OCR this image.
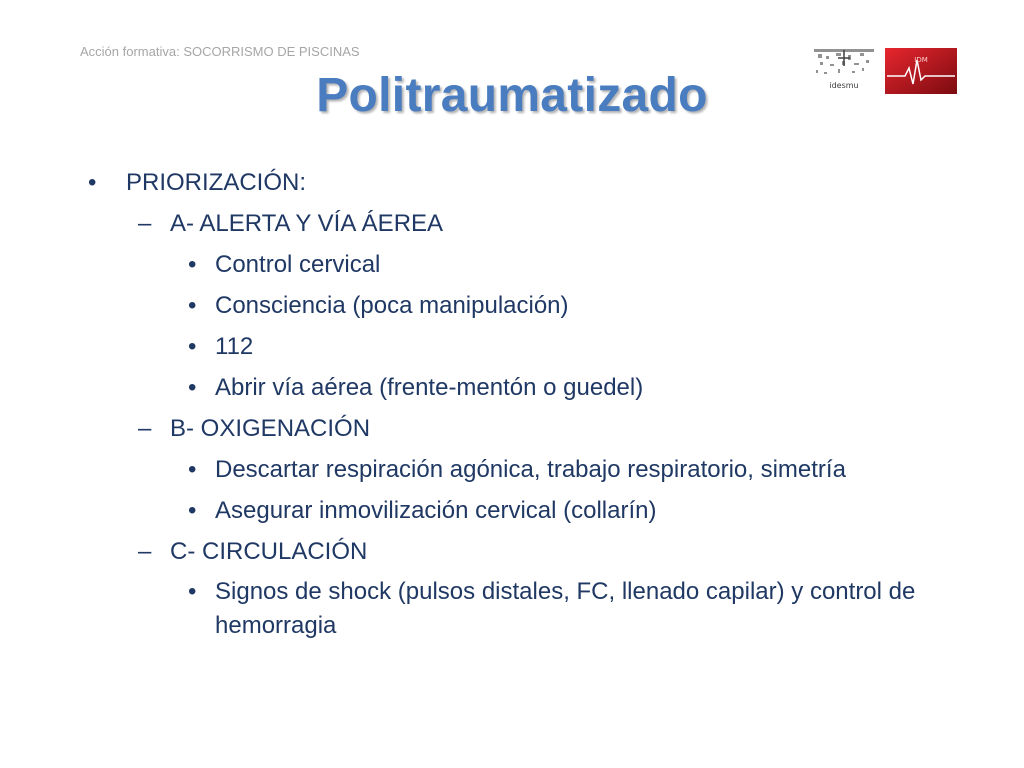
Acción formativa: SOCORRISMO DE PISCINAS
Politraumatizado	idesmu
IDM
• PRIORIZACIÓN:
– A- ALERTA Y VÍA ÁEREA
• Control cervical
• Consciencia (poca manipulación)
• 112
• Abrir vía aérea (frente-mentón o guedel)
– B- OXIGENACIÓN
• Descartar respiración agónica, trabajo respiratorio, simetría
• Asegurar inmovilización cervical (collarín)
– C- CIRCULACIÓN
• Signos de shock (pulsos distales, FC, llenado capilar) y control de hemorragia
